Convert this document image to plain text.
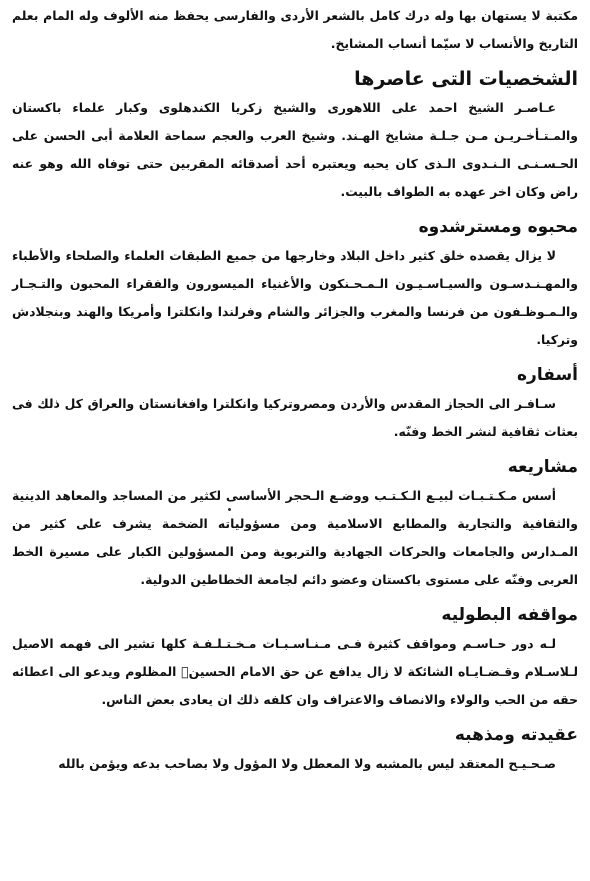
مكتبة لا يستهان بها وله درك كامل بالشعر الأردى والفارسى يحفظ منه الألوف وله المام بعلم التاريخ والأنساب لا سيّما أنساب المشايخ.

الشخصيات التى عاصرها

عـاصـر الشيخ احمد على اللاهورى والشيخ زكريا الكندهلوى وكبار علماء باكستان والمـتـأخـريـن مـن جـلـة مشايخ الهـند. وشيخ العرب والعجم سماحة العلامة أبى الحسن على الحـسـنـى الـنـدوى الـذى كان يحبه ويعتبره أحد أصدقائه المقربين حتى توفاه الله وهو عنه راض وكان اخر عهده به الطواف بالبيت.

محبوه ومسترشدوه

لا يزال يقصده خلق كثير داخل البلاد وخارجها من جميع الطبقات العلماء والصلحاء والأطباء والمهـنـدسـون والسيـاسـيـون الـمـحـنكون والأغنياء الميسورون والفقراء المحبون والتـجـار والـمـوظـفون من فرنسا والمغرب والجزائر والشام وفرلندا وانكلترا وأمريكا والهند وبنجلادش وتركيا.

أسفاره

سـافـر الى الحجاز المقدس والأردن ومصروتركيا وانكلترا وافغانستان والعراق كل ذلك فى بعثات ثقافية لنشر الخط وفنّه.

مشاريعه

أسس مـكـتـبـات لبيـع الـكـتـب ووضـع الـحجر الأساسى لكثير من المساجد والمعاهد الدينية والثقافية والتجارية والمطابع الاسلامية ومن مسؤولياته الضخمة يشرف على كثير من المـدارس والجامعات والحركات الجهادية والتربوية ومن المسؤولين الكبار على مسيرة الخط العربى وفنّه على مستوى باكستان وعضو دائم لجامعة الخطاطين الدولية.

مواقفه البطوليه

لـه دور حـاسـم ومواقف كثيرة فـى مـنـاسـبـات مـخـتـلـفـة كلها تشير الى فهمه الاصيل لـلاسـلام وقـضـايـاه الشائكة لا زال يدافع عن حق الامام الحسينؓ المظلوم ويدعو الى اعطائه حقه من الحب والولاء والانصاف والاعتراف وان كلفه ذلك ان يعادى بعض الناس.

عقيدته ومذهبه

صـحـيـح المعتقد ليس بالمشبه ولا المعطل ولا المؤول ولا بصاحب بدعه ويؤمن بالله
